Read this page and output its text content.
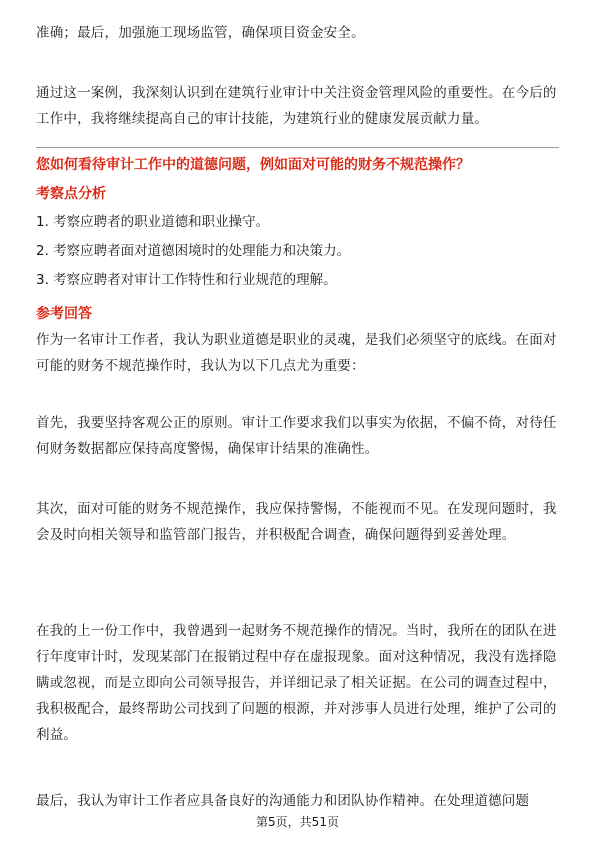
准确；最后，加强施工现场监管，确保项目资金安全。

通过这一案例，我深刻认识到在建筑行业审计中关注资金管理风险的重要性。在今后的工作中，我将继续提高自己的审计技能，为建筑行业的健康发展贡献力量。

您如何看待审计工作中的道德问题，例如面对可能的财务不规范操作？

考察点分析

1. 考察应聘者的职业道德和职业操守。

2. 考察应聘者面对道德困境时的处理能力和决策力。

3. 考察应聘者对审计工作特性和行业规范的理解。

参考回答

作为一名审计工作者，我认为职业道德是职业的灵魂，是我们必须坚守的底线。在面对可能的财务不规范操作时，我认为以下几点尤为重要：

首先，我要坚持客观公正的原则。审计工作要求我们以事实为依据，不偏不倚，对待任何财务数据都应保持高度警惕，确保审计结果的准确性。

其次，面对可能的财务不规范操作，我应保持警惕，不能视而不见。在发现问题时，我会及时向相关领导和监管部门报告，并积极配合调查，确保问题得到妥善处理。

在我的上一份工作中，我曾遇到一起财务不规范操作的情况。当时，我所在的团队在进行年度审计时，发现某部门在报销过程中存在虚报现象。面对这种情况，我没有选择隐瞒或忽视，而是立即向公司领导报告，并详细记录了相关证据。在公司的调查过程中，我积极配合，最终帮助公司找到了问题的根源，并对涉事人员进行处理，维护了公司的利益。

最后，我认为审计工作者应具备良好的沟通能力和团队协作精神。在处理道德问题

第5页，共51页
